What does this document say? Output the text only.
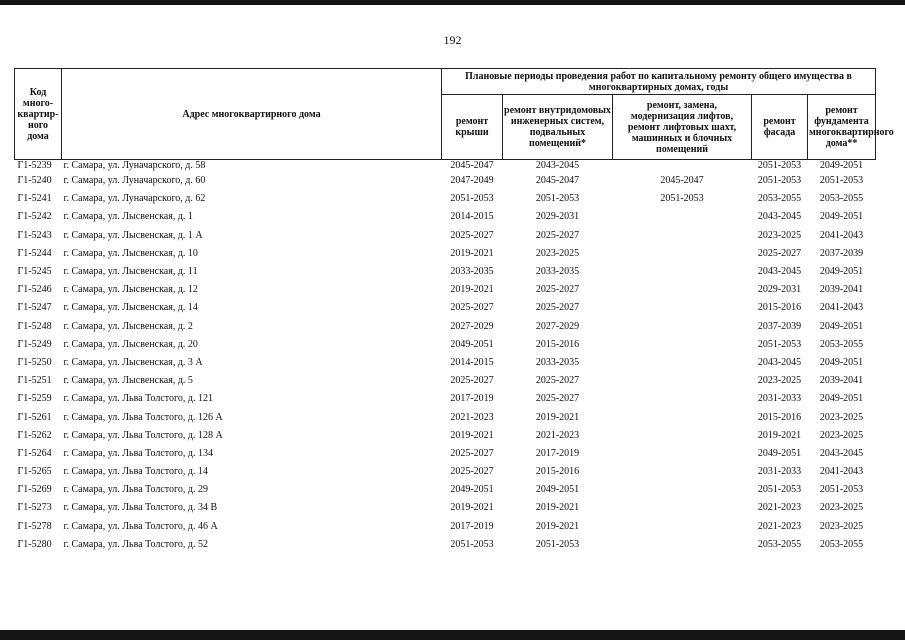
192
Код много-квартир-ного дома	Адрес многоквартирного дома	Плановые периоды проведения работ по капитальному ремонту общего имущества в многоквартирных домах, годы				
		ремонт крыши	ремонт внутридомовых инженерных систем, подвальных помещений*	ремонт, замена, модернизация лифтов, ремонт лифтовых шахт, машинных и блочных помещений	ремонт фасада	ремонт фундамента многоквартирного дома**
Г1-5239	г. Самара, ул. Луначарского, д. 58	2045-2047	2043-2045		2051-2053	2049-2051
Г1-5240	г. Самара, ул. Луначарского, д. 60	2047-2049	2045-2047	2045-2047	2051-2053	2051-2053
Г1-5241	г. Самара, ул. Луначарского, д. 62	2051-2053	2051-2053	2051-2053	2053-2055	2053-2055
Г1-5242	г. Самара, ул. Лысвенская, д. 1	2014-2015	2029-2031		2043-2045	2049-2051
Г1-5243	г. Самара, ул. Лысвенская, д. 1 А	2025-2027	2025-2027		2023-2025	2041-2043
Г1-5244	г. Самара, ул. Лысвенская, д. 10	2019-2021	2023-2025		2025-2027	2037-2039
Г1-5245	г. Самара, ул. Лысвенская, д. 11	2033-2035	2033-2035		2043-2045	2049-2051
Г1-5246	г. Самара, ул. Лысвенская, д. 12	2019-2021	2025-2027		2029-2031	2039-2041
Г1-5247	г. Самара, ул. Лысвенская, д. 14	2025-2027	2025-2027		2015-2016	2041-2043
Г1-5248	г. Самара, ул. Лысвенская, д. 2	2027-2029	2027-2029		2037-2039	2049-2051
Г1-5249	г. Самара, ул. Лысвенская, д. 20	2049-2051	2015-2016		2051-2053	2053-2055
Г1-5250	г. Самара, ул. Лысвенская, д. 3 А	2014-2015	2033-2035		2043-2045	2049-2051
Г1-5251	г. Самара, ул. Лысвенская, д. 5	2025-2027	2025-2027		2023-2025	2039-2041
Г1-5259	г. Самара, ул. Льва Толстого, д. 121	2017-2019	2025-2027		2031-2033	2049-2051
Г1-5261	г. Самара, ул. Льва Толстого, д. 126 А	2021-2023	2019-2021		2015-2016	2023-2025
Г1-5262	г. Самара, ул. Льва Толстого, д. 128 А	2019-2021	2021-2023		2019-2021	2023-2025
Г1-5264	г. Самара, ул. Льва Толстого, д. 134	2025-2027	2017-2019		2049-2051	2043-2045
Г1-5265	г. Самара, ул. Льва Толстого, д. 14	2025-2027	2015-2016		2031-2033	2041-2043
Г1-5269	г. Самара, ул. Льва Толстого, д. 29	2049-2051	2049-2051		2051-2053	2051-2053
Г1-5273	г. Самара, ул. Льва Толстого, д. 34 В	2019-2021	2019-2021		2021-2023	2023-2025
Г1-5278	г. Самара, ул. Льва Толстого, д. 46 А	2017-2019	2019-2021		2021-2023	2023-2025
Г1-5280	г. Самара, ул. Льва Толстого, д. 52	2051-2053	2051-2053		2053-2055	2053-2055
